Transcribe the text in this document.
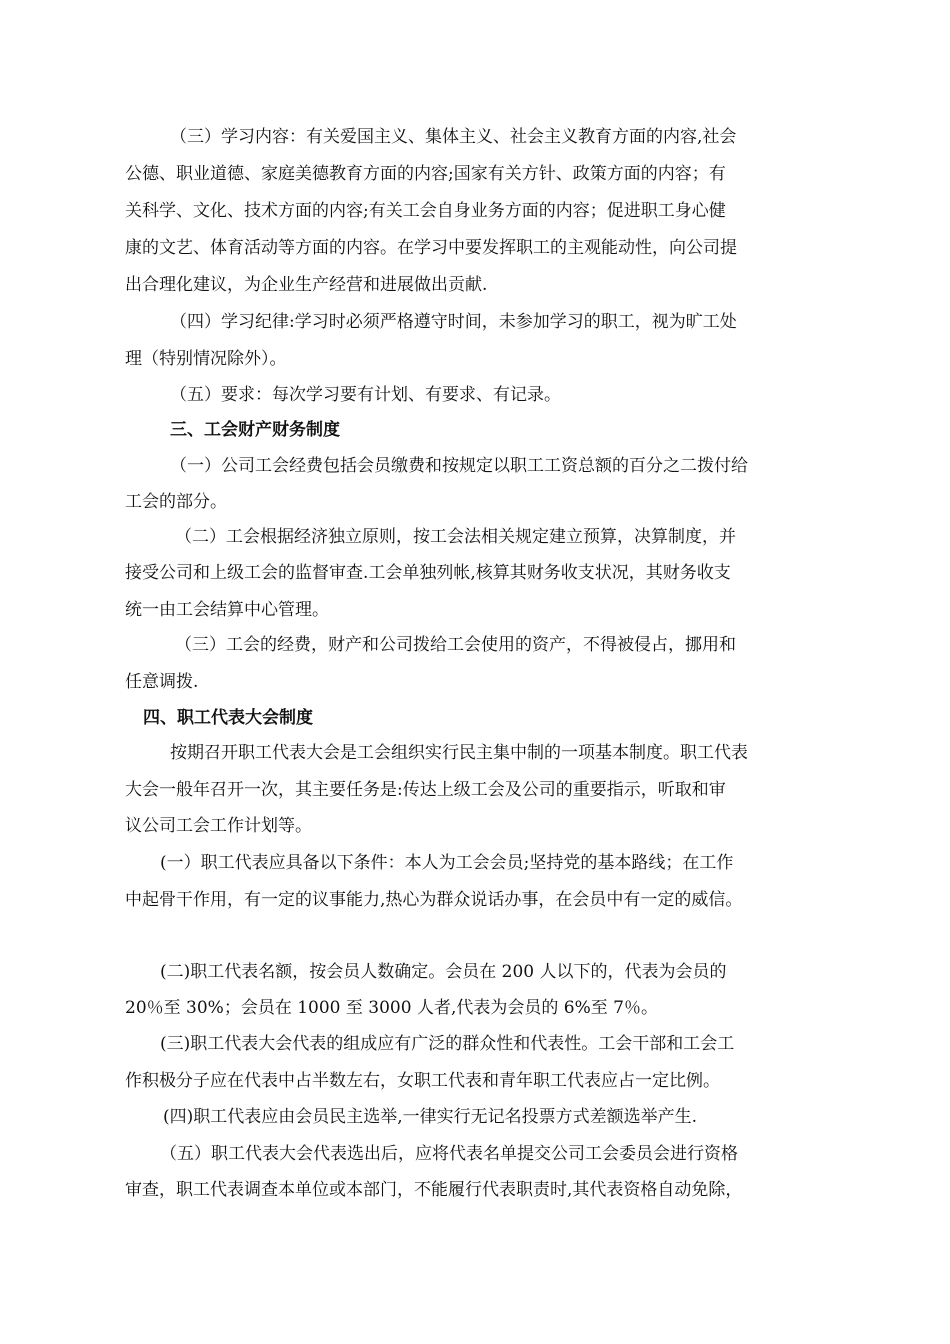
（三）学习内容：有关爱国主义、集体主义、社会主义教育方面的内容,社会
公德、职业道德、家庭美德教育方面的内容;国家有关方针、政策方面的内容；有
关科学、文化、技术方面的内容;有关工会自身业务方面的内容；促进职工身心健
康的文艺、体育活动等方面的内容。在学习中要发挥职工的主观能动性，向公司提
出合理化建议，为企业生产经营和进展做出贡献.
（四）学习纪律:学习时必须严格遵守时间，未参加学习的职工，视为旷工处
理（特别情况除外）。
（五）要求：每次学习要有计划、有要求、有记录。
三、工会财产财务制度
（一）公司工会经费包括会员缴费和按规定以职工工资总额的百分之二拨付给
工会的部分。
（二）工会根据经济独立原则，按工会法相关规定建立预算，决算制度，并
接受公司和上级工会的监督审查.工会单独列帐,核算其财务收支状况，其财务收支
统一由工会结算中心管理。
（三）工会的经费，财产和公司拨给工会使用的资产，不得被侵占，挪用和
任意调拨.
四、职工代表大会制度
按期召开职工代表大会是工会组织实行民主集中制的一项基本制度。职工代表
大会一般年召开一次，其主要任务是:传达上级工会及公司的重要指示，听取和审
议公司工会工作计划等。
(一）职工代表应具备以下条件：本人为工会会员;坚持党的基本路线；在工作
中起骨干作用，有一定的议事能力,热心为群众说话办事，在会员中有一定的威信。
(二)职工代表名额，按会员人数确定。会员在 200 人以下的，代表为会员的
20％至 30%；会员在 1000 至 3000 人者,代表为会员的 6%至 7％。
(三)职工代表大会代表的组成应有广泛的群众性和代表性。工会干部和工会工
作积极分子应在代表中占半数左右，女职工代表和青年职工代表应占一定比例。
(四)职工代表应由会员民主选举,一律实行无记名投票方式差额选举产生.
（五）职工代表大会代表选出后，应将代表名单提交公司工会委员会进行资格
审查，职工代表调查本单位或本部门，不能履行代表职责时,其代表资格自动免除，
